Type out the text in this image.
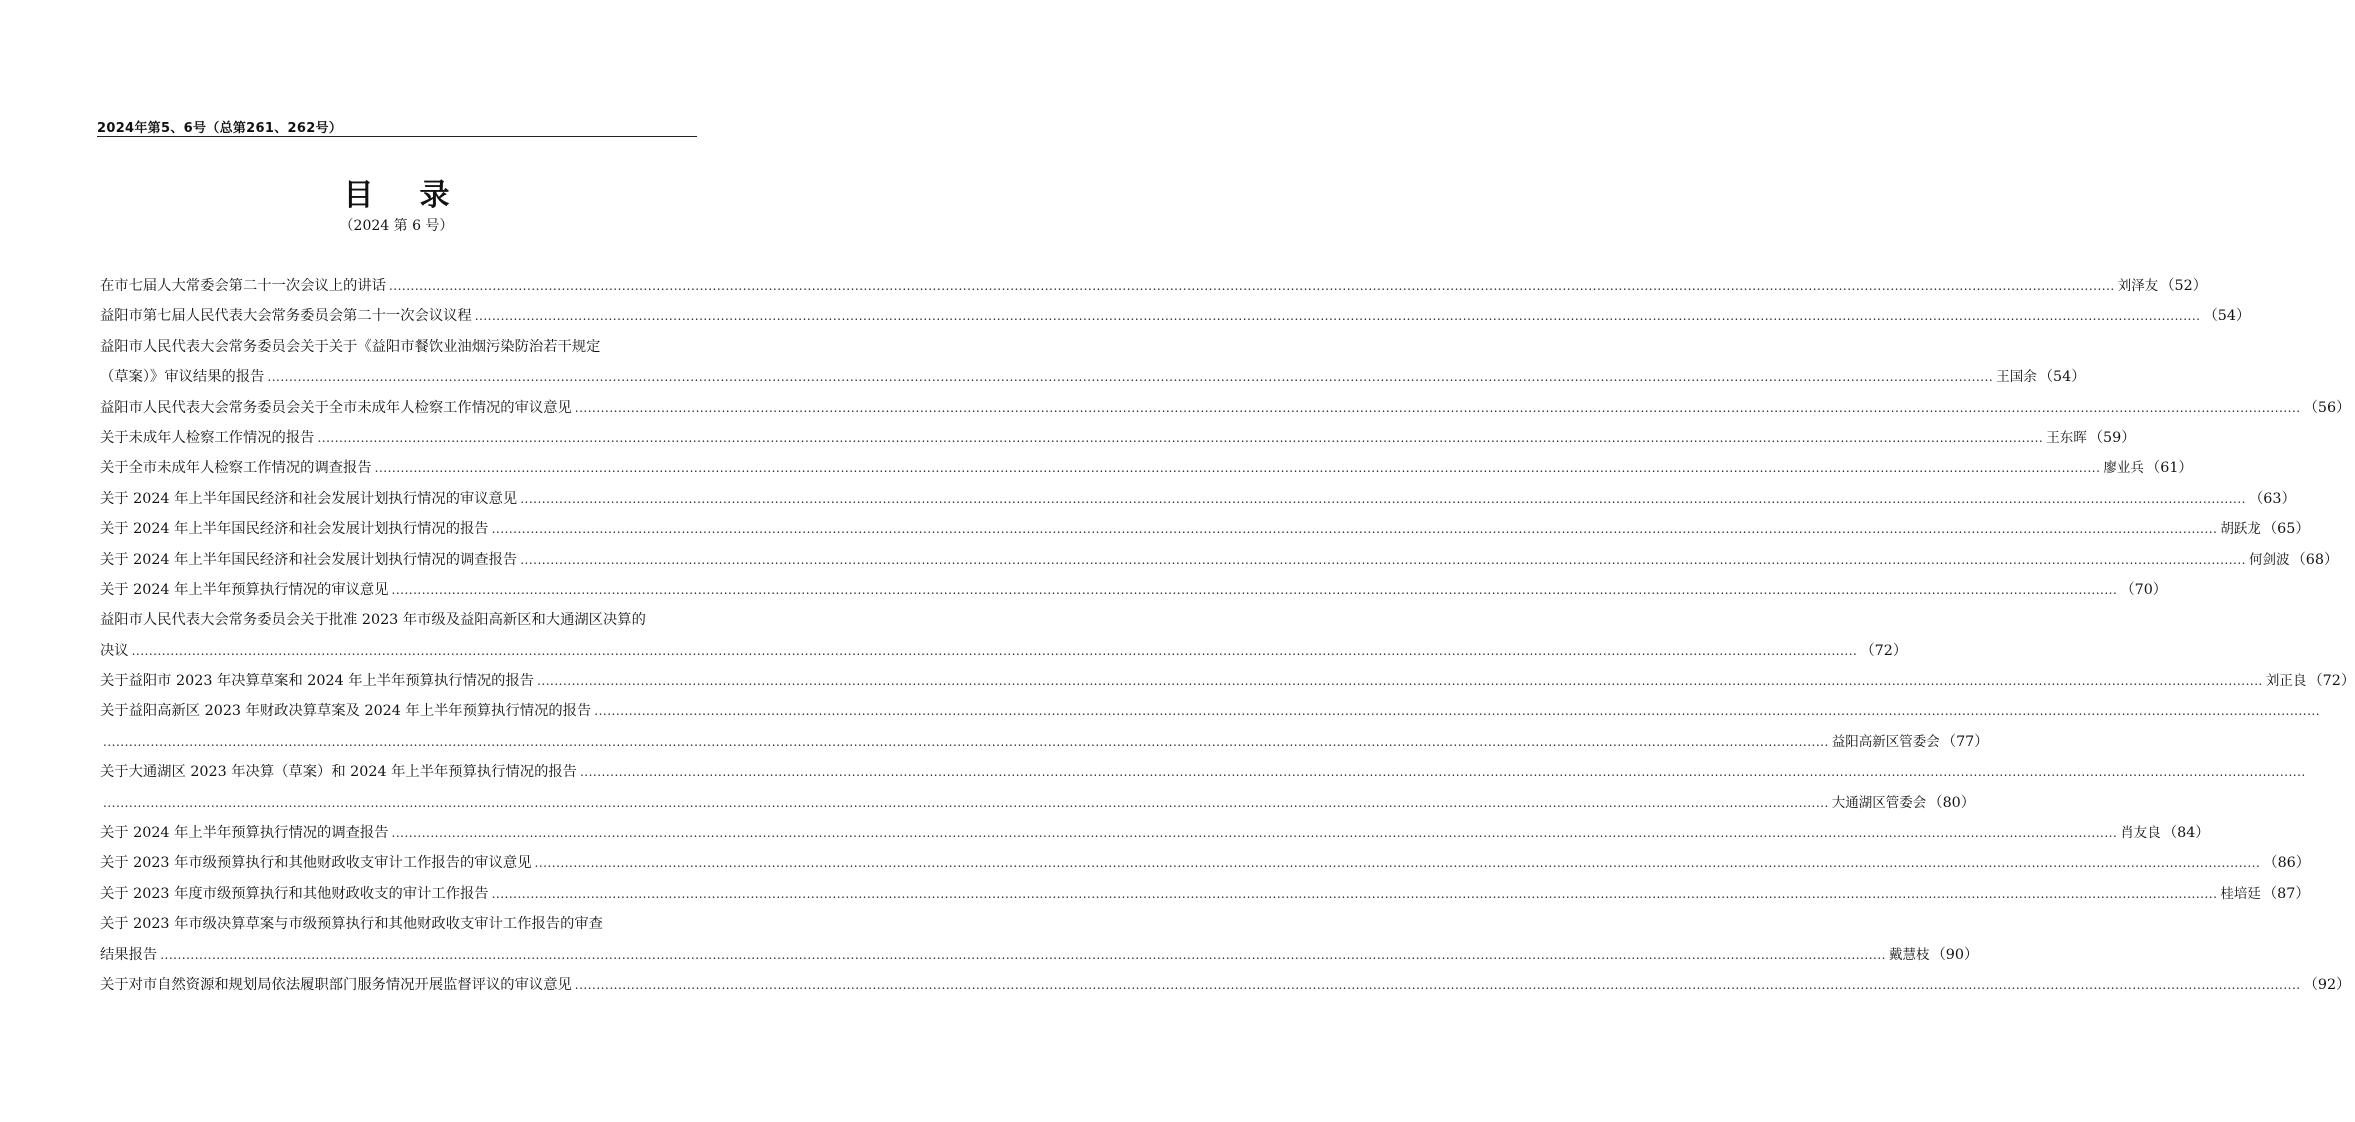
2024年第5、6号（总第261、262号）
目 录
（2024 第 6 号）
在市七届人大常委会第二十一次会议上的讲话 ................................................................................................................................................................................................................................................................................................................................................................................................................ 刘泽友 （52）
益阳市第七届人民代表大会常务委员会第二十一次会议议程 ................................................................................................................................................................................................................................................................................................................................................................................................................ （54）
益阳市人民代表大会常务委员会关于关于《益阳市餐饮业油烟污染防治若干规定
（草案）》审议结果的报告 ................................................................................................................................................................................................................................................................................................................................................................................................................ 王国余 （54）
益阳市人民代表大会常务委员会关于全市未成年人检察工作情况的审议意见 ................................................................................................................................................................................................................................................................................................................................................................................................................ （56）
关于未成年人检察工作情况的报告 ................................................................................................................................................................................................................................................................................................................................................................................................................ 王东晖 （59）
关于全市未成年人检察工作情况的调查报告 ................................................................................................................................................................................................................................................................................................................................................................................................................ 廖业兵 （61）
关于 2024 年上半年国民经济和社会发展计划执行情况的审议意见 ................................................................................................................................................................................................................................................................................................................................................................................................................ （63）
关于 2024 年上半年国民经济和社会发展计划执行情况的报告 ................................................................................................................................................................................................................................................................................................................................................................................................................ 胡跃龙 （65）
关于 2024 年上半年国民经济和社会发展计划执行情况的调查报告 ................................................................................................................................................................................................................................................................................................................................................................................................................ 何剑波 （68）
关于 2024 年上半年预算执行情况的审议意见 ................................................................................................................................................................................................................................................................................................................................................................................................................ （70）
益阳市人民代表大会常务委员会关于批准 2023 年市级及益阳高新区和大通湖区决算的
决议 ................................................................................................................................................................................................................................................................................................................................................................................................................ （72）
关于益阳市 2023 年决算草案和 2024 年上半年预算执行情况的报告 ................................................................................................................................................................................................................................................................................................................................................................................................................ 刘正良 （72）
关于益阳高新区 2023 年财政决算草案及 2024 年上半年预算执行情况的报告 ................................................................................................................................................................................................................................................................................................................................................................................................................
................................................................................................................................................................................................................................................................................................................................................................................................................ 益阳高新区管委会 （77）
关于大通湖区 2023 年决算（草案）和 2024 年上半年预算执行情况的报告 ................................................................................................................................................................................................................................................................................................................................................................................................................
................................................................................................................................................................................................................................................................................................................................................................................................................ 大通湖区管委会 （80）
关于 2024 年上半年预算执行情况的调查报告 ................................................................................................................................................................................................................................................................................................................................................................................................................ 肖友良 （84）
关于 2023 年市级预算执行和其他财政收支审计工作报告的审议意见 ................................................................................................................................................................................................................................................................................................................................................................................................................ （86）
关于 2023 年度市级预算执行和其他财政收支的审计工作报告 ................................................................................................................................................................................................................................................................................................................................................................................................................ 桂培廷 （87）
关于 2023 年市级决算草案与市级预算执行和其他财政收支审计工作报告的审查
结果报告 ................................................................................................................................................................................................................................................................................................................................................................................................................ 戴慧枝 （90）
关于对市自然资源和规划局依法履职部门服务情况开展监督评议的审议意见 ................................................................................................................................................................................................................................................................................................................................................................................................................ （92）
